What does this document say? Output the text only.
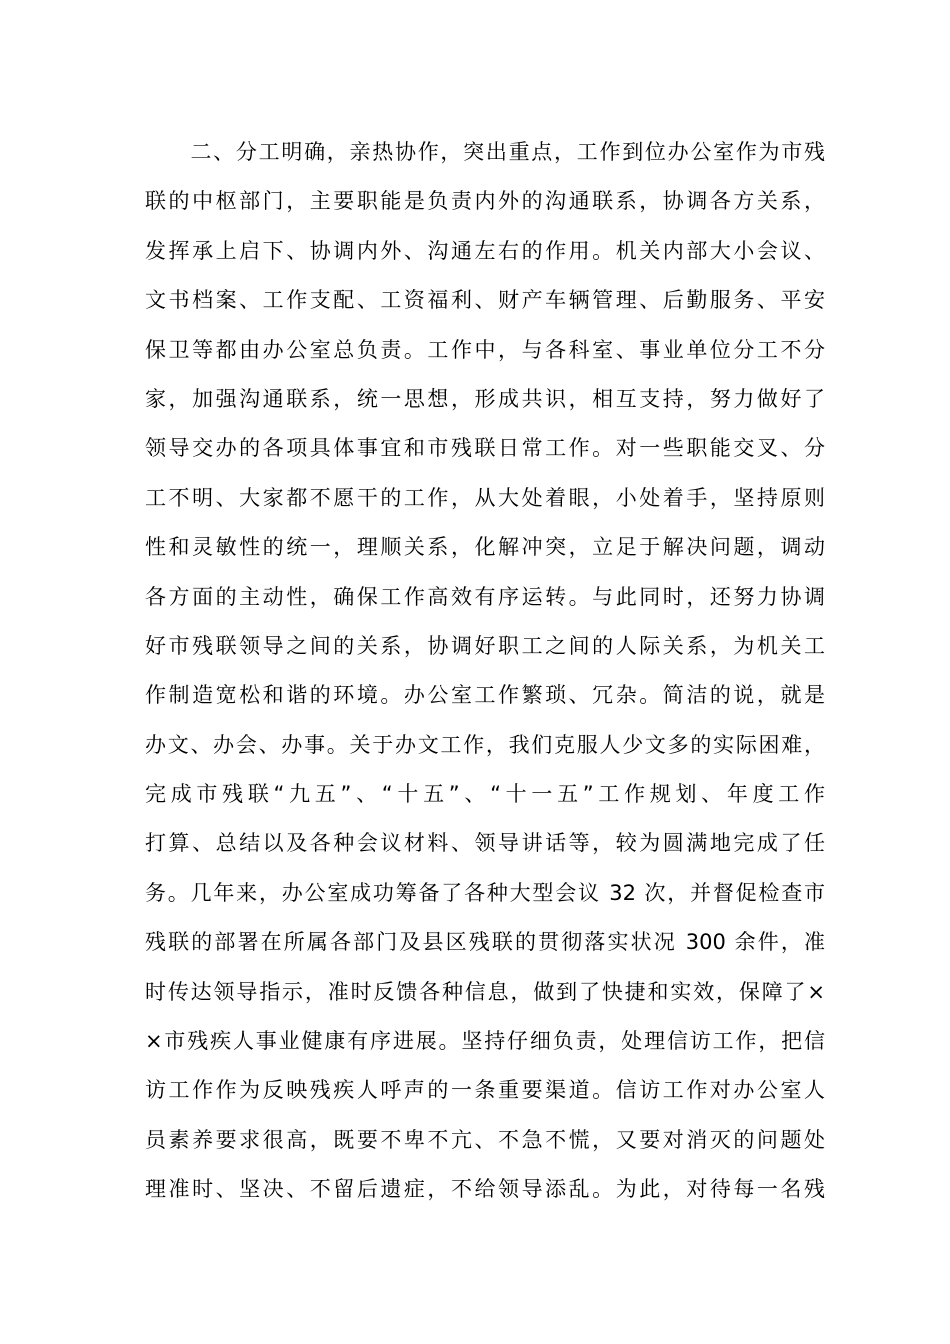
　　二、分工明确，亲热协作，突出重点，工作到位办公室作为市残
联的中枢部门，主要职能是负责内外的沟通联系，协调各方关系，
发挥承上启下、协调内外、沟通左右的作用。机关内部大小会议、
文书档案、工作支配、工资福利、财产车辆管理、后勤服务、平安
保卫等都由办公室总负责。工作中，与各科室、事业单位分工不分
家，加强沟通联系，统一思想，形成共识，相互支持，努力做好了
领导交办的各项具体事宜和市残联日常工作。对一些职能交叉、分
工不明、大家都不愿干的工作，从大处着眼，小处着手，坚持原则
性和灵敏性的统一，理顺关系，化解冲突，立足于解决问题，调动
各方面的主动性，确保工作高效有序运转。与此同时，还努力协调
好市残联领导之间的关系，协调好职工之间的人际关系，为机关工
作制造宽松和谐的环境。办公室工作繁琐、冗杂。简洁的说，就是
办文、办会、办事。关于办文工作，我们克服人少文多的实际困难，
完成市残联“九五”、“十五”、“十一五”工作规划、年度工作
打算、总结以及各种会议材料、领导讲话等，较为圆满地完成了任
务。几年来，办公室成功筹备了各种大型会议 32 次，并督促检查市
残联的部署在所属各部门及县区残联的贯彻落实状况 300 余件，准
时传达领导指示，准时反馈各种信息，做到了快捷和实效，保障了×
×市残疾人事业健康有序进展。坚持仔细负责，处理信访工作，把信
访工作作为反映残疾人呼声的一条重要渠道。信访工作对办公室人
员素养要求很高，既要不卑不亢、不急不慌，又要对消灭的问题处
理准时、坚决、不留后遗症，不给领导添乱。为此，对待每一名残
